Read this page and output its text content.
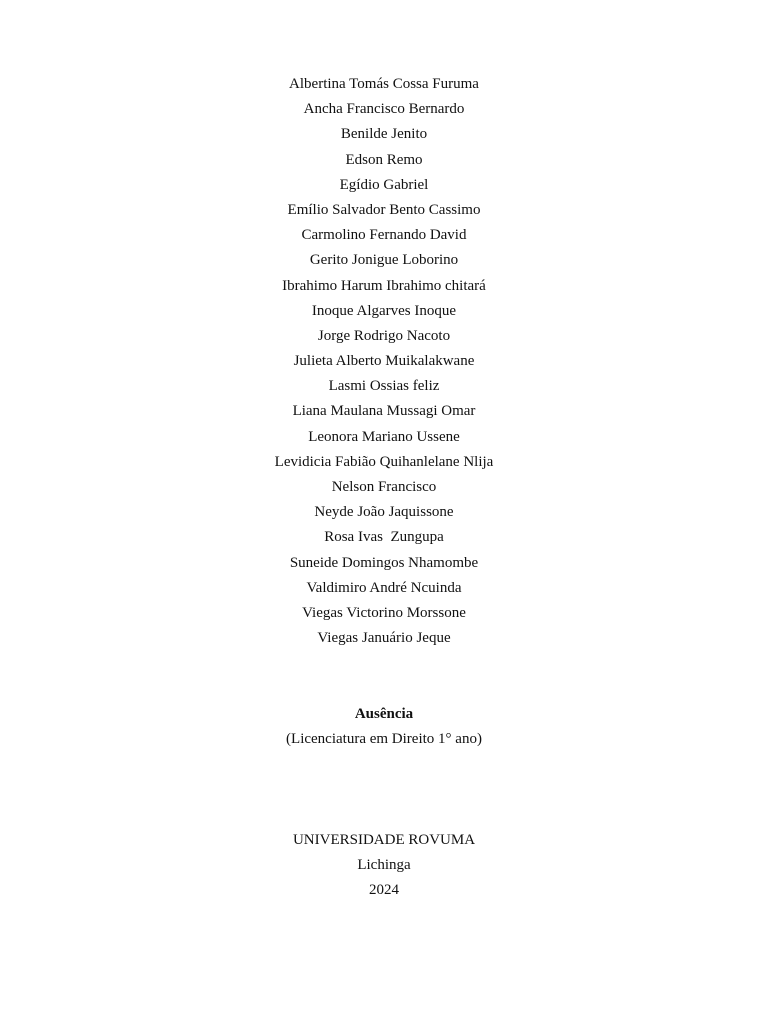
Albertina Tomás Cossa Furuma
Ancha Francisco Bernardo
Benilde Jenito
Edson Remo
Egídio Gabriel
Emílio Salvador Bento Cassimo
Carmolino Fernando David
Gerito Jonigue Loborino
Ibrahimo Harum Ibrahimo chitará
Inoque Algarves Inoque
Jorge Rodrigo Nacoto
Julieta Alberto Muikalakwane
Lasmi Ossias feliz
Liana Maulana Mussagi Omar
Leonora Mariano Ussene
Levidicia Fabião Quihanlelane Nlija
Nelson Francisco
Neyde João Jaquissone
Rosa Ivas  Zungupa
Suneide Domingos Nhamombe
Valdimiro André Ncuinda
Viegas Victorino Morssone
Viegas Januário Jeque
Ausência
(Licenciatura em Direito 1° ano)
UNIVERSIDADE ROVUMA
Lichinga
2024
